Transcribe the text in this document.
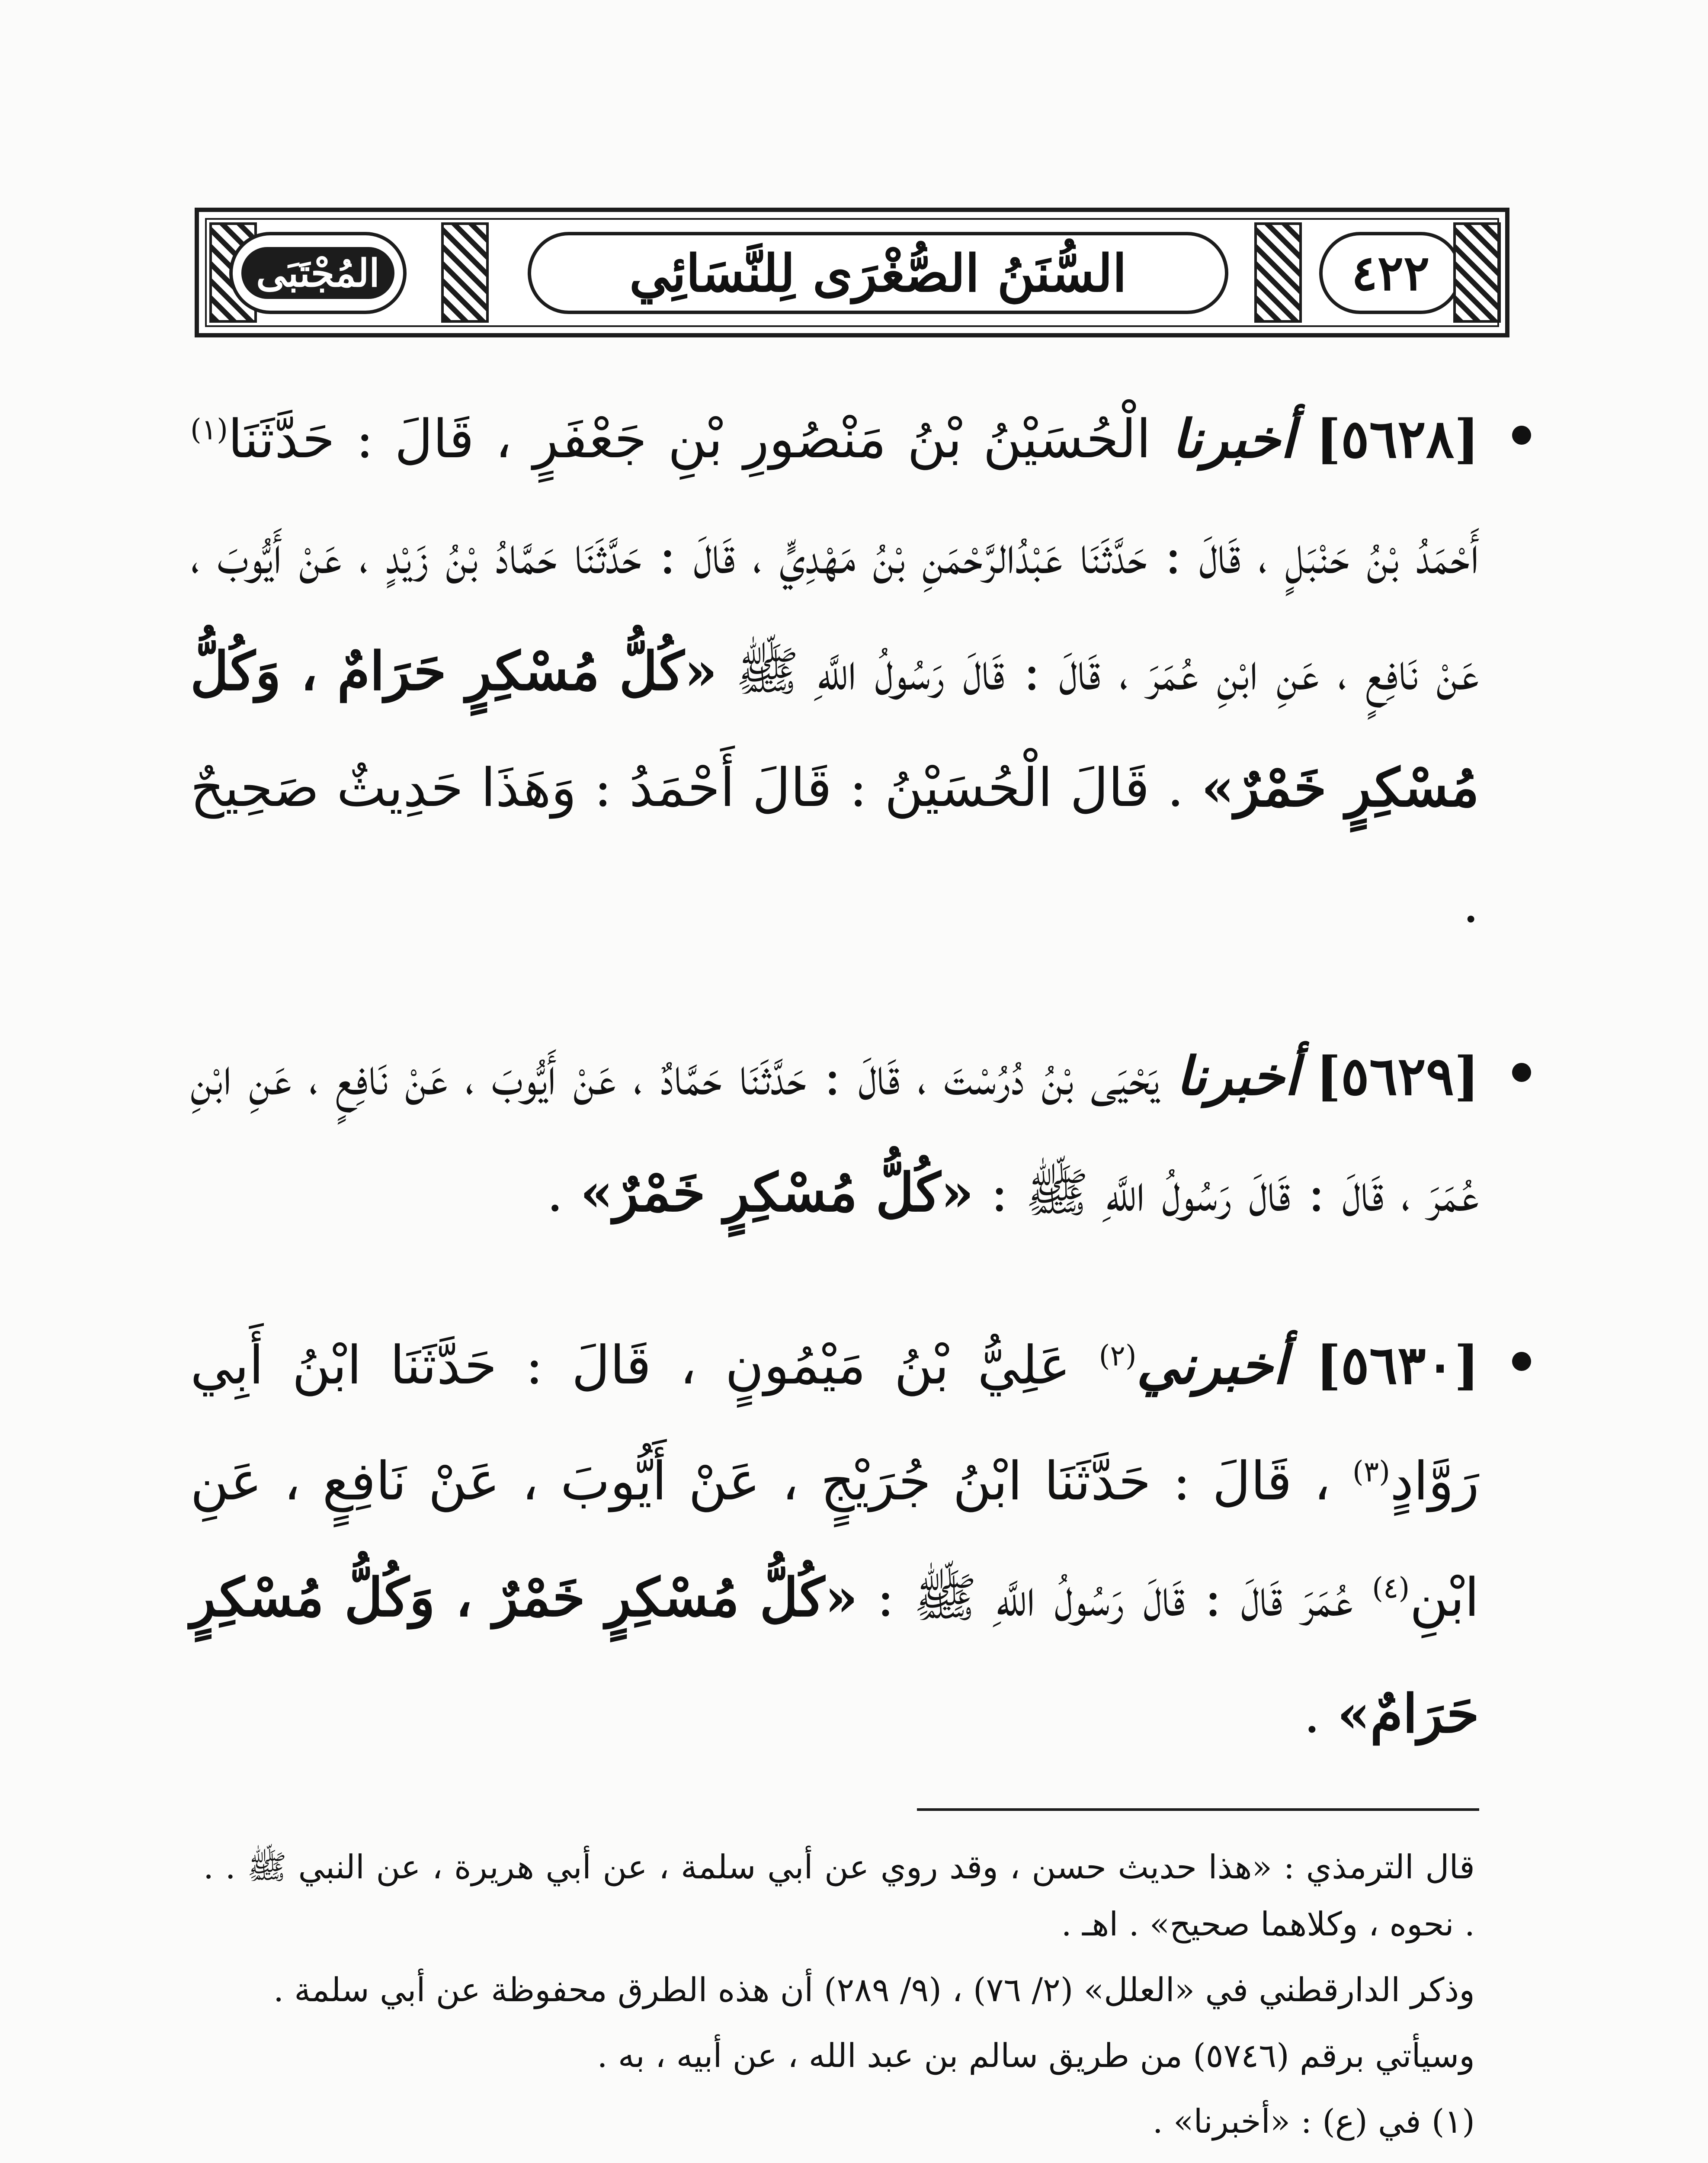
المُجْتَبَى	السُّنَنُ الصُّغْرَى لِلنَّسَائِي	٤٢٢
[٥٦٢٨] أخبرنا الْحُسَيْنُ بْنُ مَنْصُورِ بْنِ جَعْفَرٍ ، قَالَ : حَدَّثَنَا$^{(١)}$ أَحْمَدُ بْنُ حَنْبَلٍ ، قَالَ : حَدَّثَنَا عَبْدُالرَّحْمَنِ بْنُ مَهْدِيٍّ ، قَالَ : حَدَّثَنَا حَمَّادُ بْنُ زَيْدٍ ، عَنْ أَيُّوبَ ، عَنْ نَافِعٍ ، عَنِ ابْنِ عُمَرَ ، قَالَ : قَالَ رَسُولُ اللَّهِ ﷺ «كُلُّ مُسْكِرٍ حَرَامٌ ، وَكُلُّ مُسْكِرٍ خَمْرٌ» . قَالَ الْحُسَيْنُ : قَالَ أَحْمَدُ : وَهَذَا حَدِيثٌ صَحِيحٌ .
[٥٦٢٩] أخبرنا يَحْيَى بْنُ دُرُسْتَ ، قَالَ : حَدَّثَنَا حَمَّادٌ ، عَنْ أَيُّوبَ ، عَنْ نَافِعٍ ، عَنِ ابْنِ عُمَرَ ، قَالَ : قَالَ رَسُولُ اللَّهِ ﷺ : «كُلُّ مُسْكِرٍ خَمْرٌ» .
[٥٦٣٠] أخبرني$^{(٢)}$ عَلِيُّ بْنُ مَيْمُونٍ ، قَالَ : حَدَّثَنَا ابْنُ أَبِي رَوَّادٍ$^{(٣)}$ ، قَالَ : حَدَّثَنَا ابْنُ جُرَيْجٍ ، عَنْ أَيُّوبَ ، عَنْ نَافِعٍ ، عَنِ ابْنِ$^{(٤)}$ عُمَرَ قَالَ : قَالَ رَسُولُ اللَّهِ ﷺ : «كُلُّ مُسْكِرٍ خَمْرٌ ، وَكُلُّ مُسْكِرٍ حَرَامٌ» .

قال الترمذي : «هذا حديث حسن ، وقد روي عن أبي سلمة ، عن أبي هريرة ، عن النبي ﷺ . . . نحوه ، وكلاهما صحيح» . اهـ .

وذكر الدارقطني في «العلل» (٢/ ٧٦) ، (٩/ ٢٨٩) أن هذه الطرق محفوظة عن أبي سلمة .

وسيأتي برقم (٥٧٤٦) من طريق سالم بن عبد الله ، عن أبيه ، به .

(١) في (ع) : «أخبرنا» .
